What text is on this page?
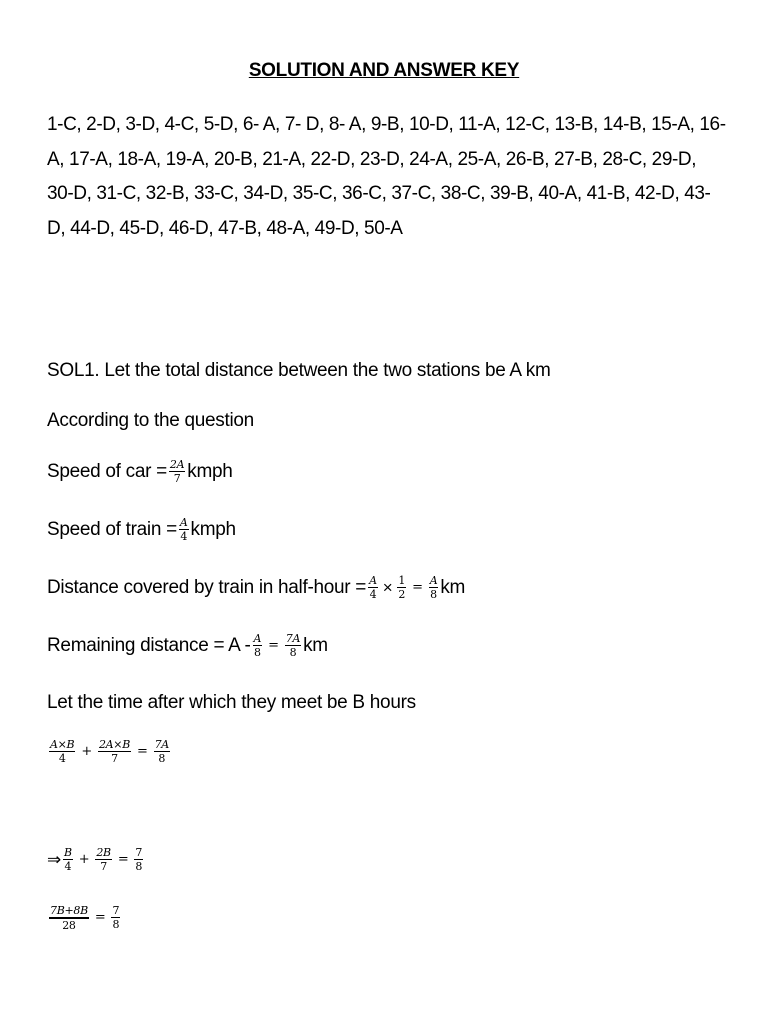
SOLUTION AND ANSWER KEY
1-C, 2-D, 3-D, 4-C, 5-D, 6- A, 7- D, 8- A, 9-B, 10-D, 11-A, 12-C, 13-B, 14-B, 15-A, 16-A, 17-A, 18-A, 19-A, 20-B, 21-A, 22-D, 23-D, 24-A, 25-A, 26-B, 27-B, 28-C, 29-D, 30-D, 31-C, 32-B, 33-C, 34-D, 35-C, 36-C, 37-C, 38-C, 39-B, 40-A, 41-B, 42-D, 43-D, 44-D, 45-D, 46-D, 47-B, 48-A, 49-D, 50-A
SOL1. Let the total distance between the two stations be A km
According to the question
Speed of car = $\frac{2A}{7}$ kmph
Speed of train = $\frac{A}{4}$ kmph
Distance covered by train in half-hour = $\frac{A}{4} \times \frac{1}{2} = \frac{A}{8}$ km
Remaining distance = $A - \frac{A}{8} = \frac{7A}{8}$ km
Let the time after which they meet be B hours
$\frac{A\times B}{4} + \frac{2A\times B}{7} = \frac{7A}{8}$
⇒ $\frac{B}{4} + \frac{2B}{7} = \frac{7}{8}$
$\frac{7B+8B}{28} = \frac{7}{8}$
